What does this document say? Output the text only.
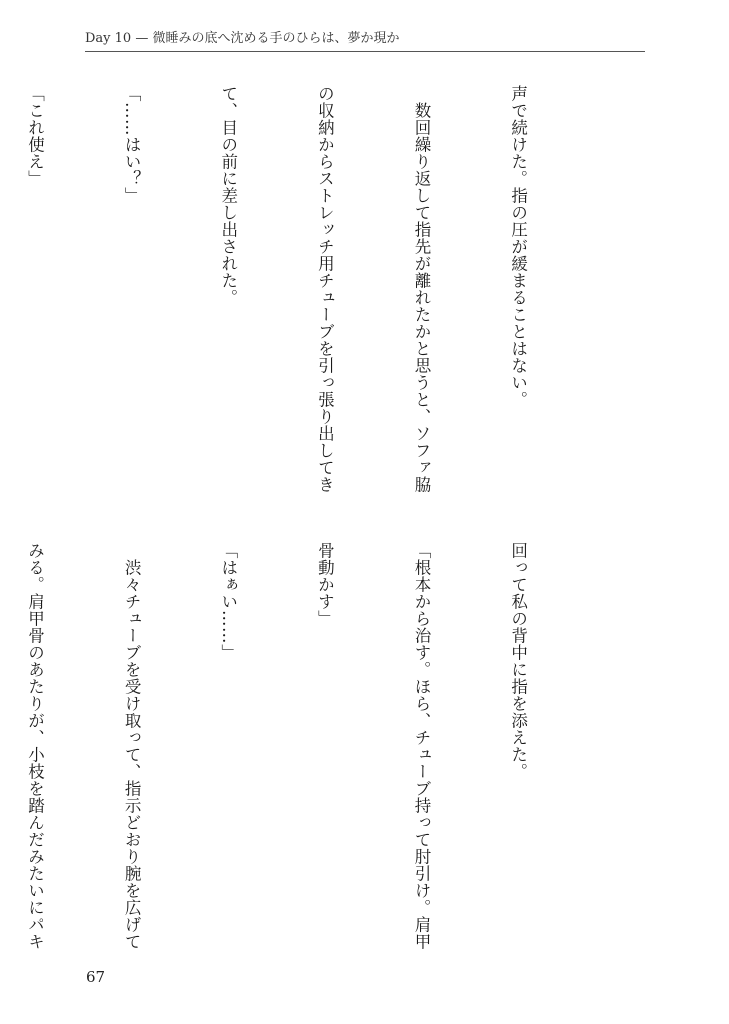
Day 10 — 微睡みの底へ沈める手のひらは、夢か現か

声で続けた。指の圧が緩まることはない。

　数回繰り返して指先が離れたかと思うと、ソファ脇

の収納からストレッチ用チューブを引っ張り出してき

て、目の前に差し出された。

「……はい？」

「これ使え」

回って私の背中に指を添えた。

「根本から治す。ほら、チューブ持って肘引け。肩甲

骨動かす」

「はぁい……」

　渋々チューブを受け取って、指示どおり腕を広げて

みる。肩甲骨のあたりが、小枝を踏んだみたいにパキ

67
